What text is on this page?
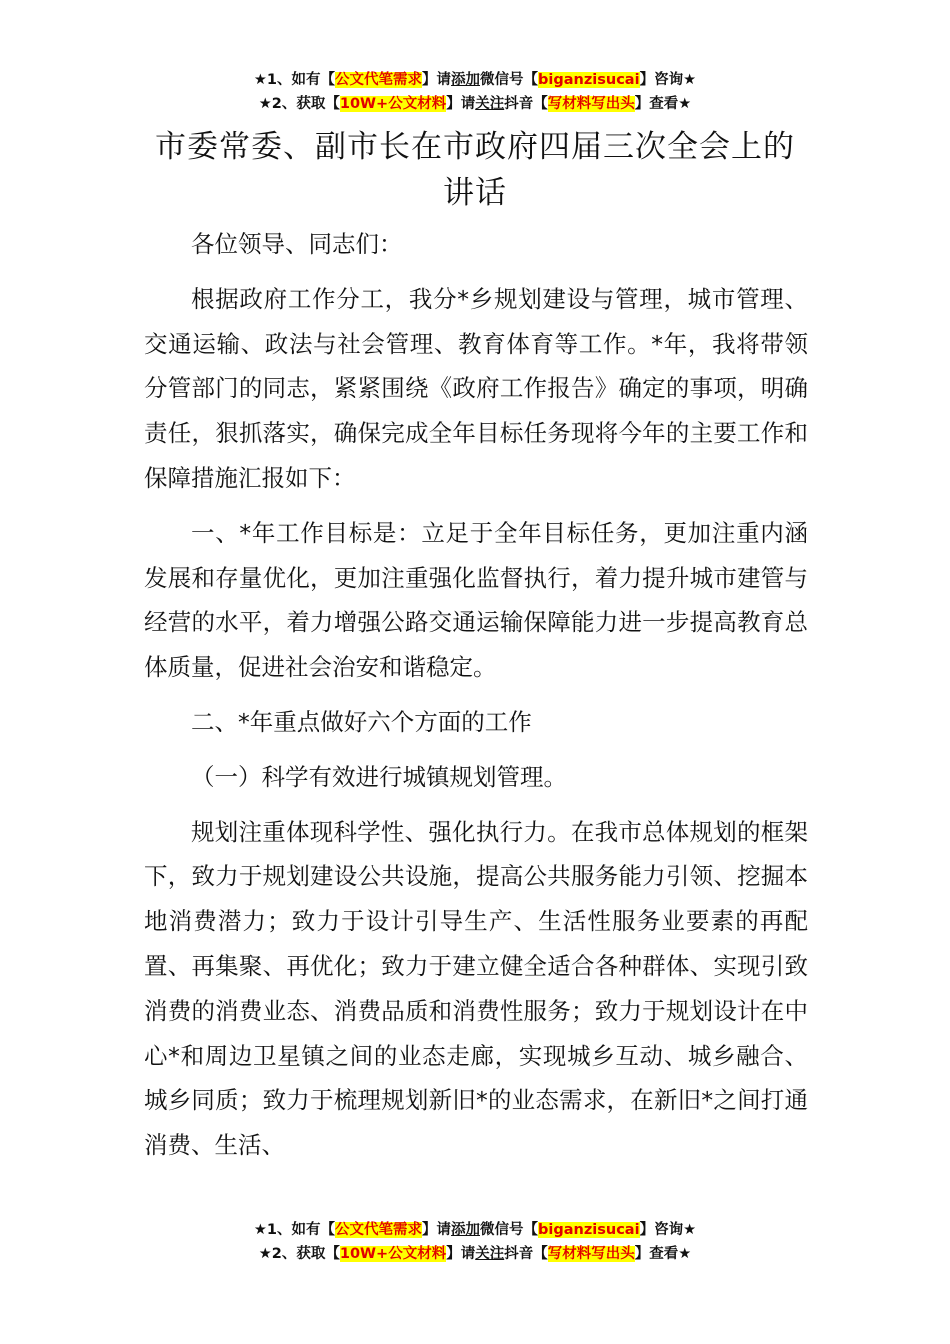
★1、如有【公文代笔需求】请添加微信号【biganzisucai】咨询★
★2、获取【10W+公文材料】请关注抖音【写材料写出头】查看★
市委常委、副市长在市政府四届三次全会上的讲话

各位领导、同志们：

根据政府工作分工，我分*乡规划建设与管理，城市管理、交通运输、政法与社会管理、教育体育等工作。*年，我将带领分管部门的同志，紧紧围绕《政府工作报告》确定的事项，明确责任，狠抓落实，确保完成全年目标任务现将今年的主要工作和保障措施汇报如下：

一、*年工作目标是：立足于全年目标任务，更加注重内涵发展和存量优化，更加注重强化监督执行，着力提升城市建管与经营的水平，着力增强公路交通运输保障能力进一步提高教育总体质量，促进社会治安和谐稳定。

二、*年重点做好六个方面的工作

（一）科学有效进行城镇规划管理。

规划注重体现科学性、强化执行力。在我市总体规划的框架下，致力于规划建设公共设施，提高公共服务能力引领、挖掘本地消费潜力；致力于设计引导生产、生活性服务业要素的再配置、再集聚、再优化；致力于建立健全适合各种群体、实现引致消费的消费业态、消费品质和消费性服务；致力于规划设计在中心*和周边卫星镇之间的业态走廊，实现城乡互动、城乡融合、城乡同质；致力于梳理规划新旧*的业态需求，在新旧*之间打通消费、生活、

★1、如有【公文代笔需求】请添加微信号【biganzisucai】咨询★
★2、获取【10W+公文材料】请关注抖音【写材料写出头】查看★
